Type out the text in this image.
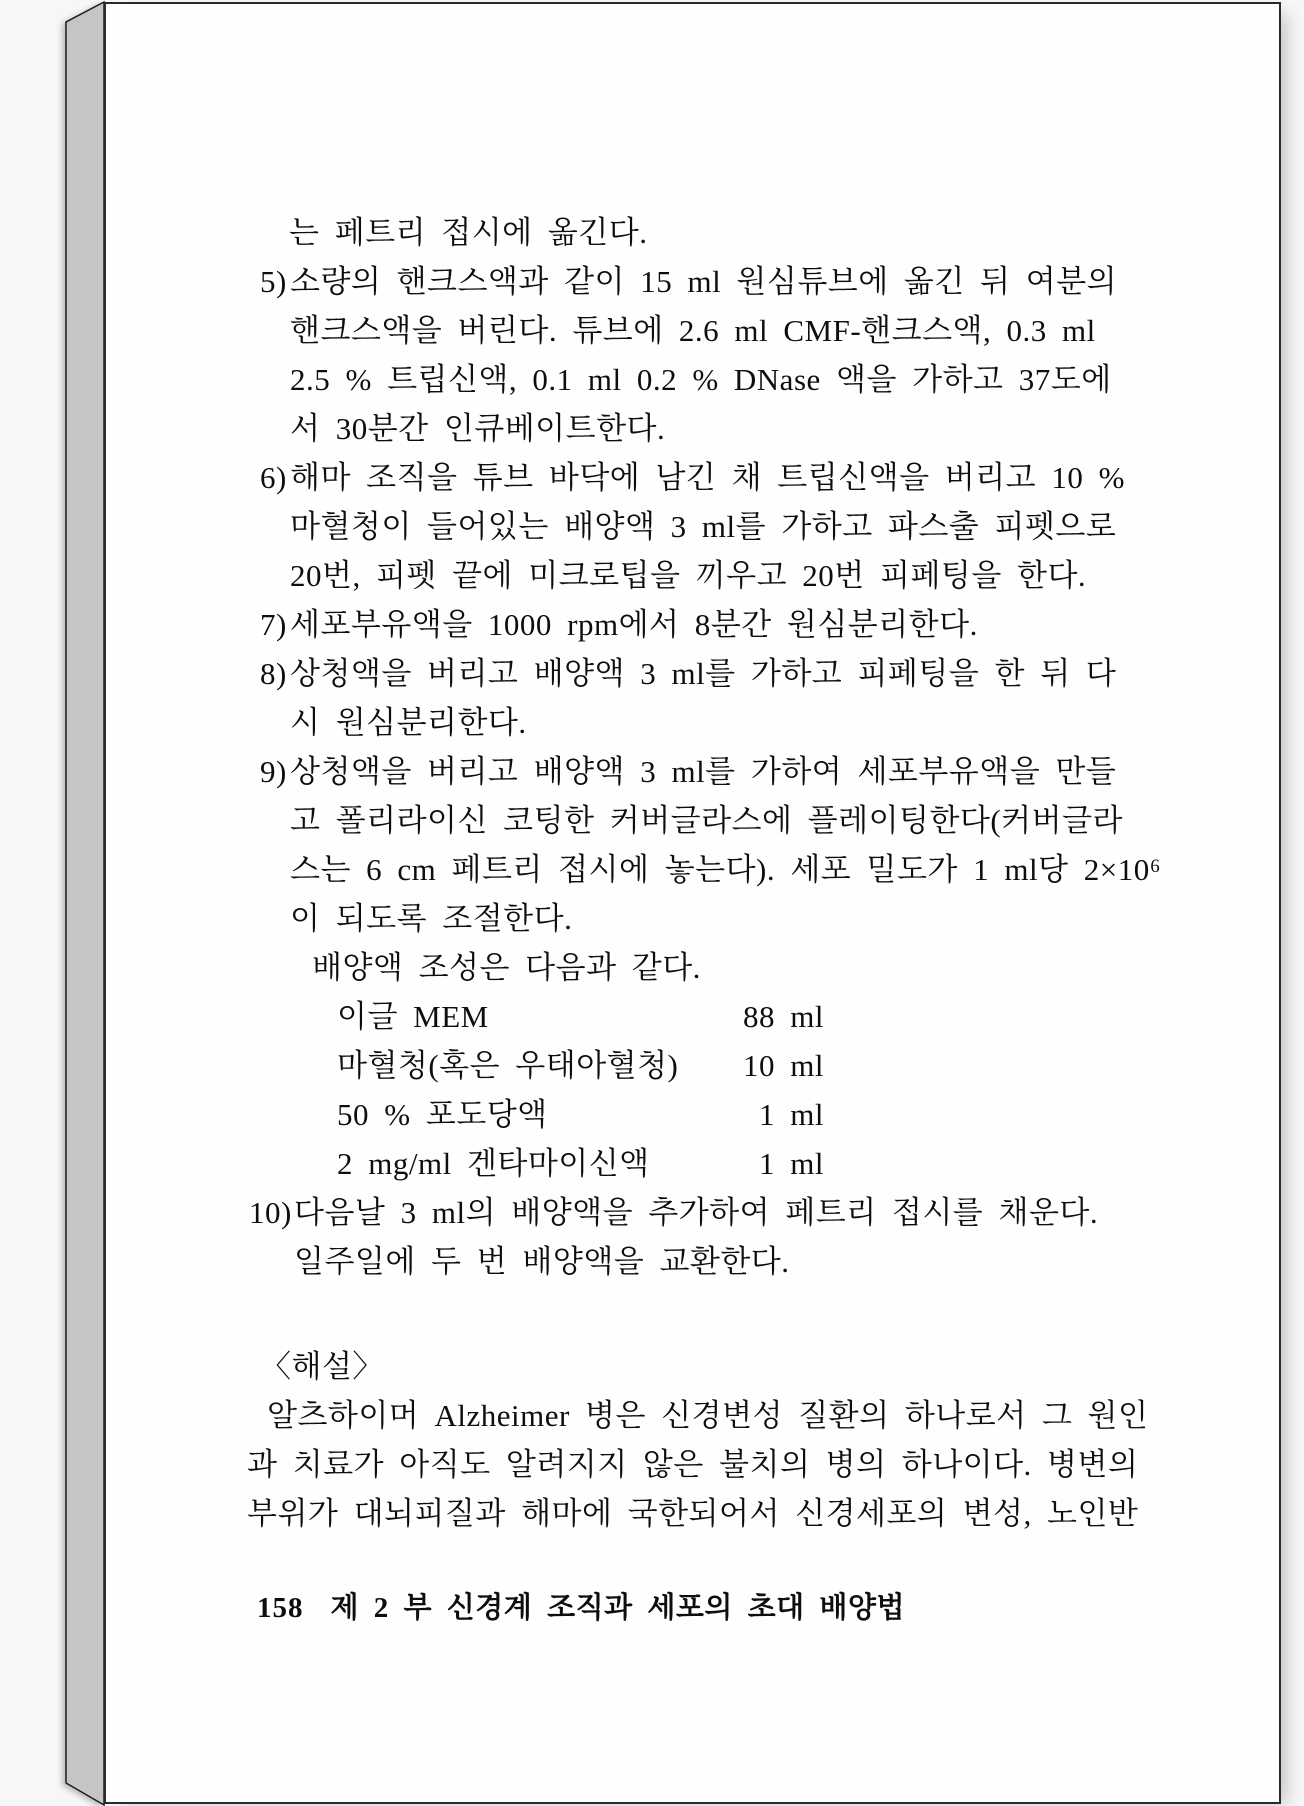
는 페트리 접시에 옮긴다.
5) 소량의 핸크스액과 같이 15 ml 원심튜브에 옮긴 뒤 여분의
핸크스액을 버린다. 튜브에 2.6 ml CMF-핸크스액, 0.3 ml
2.5 % 트립신액, 0.1 ml 0.2 % DNase 액을 가하고 37도에
서 30분간 인큐베이트한다.
6) 해마 조직을 튜브 바닥에 남긴 채 트립신액을 버리고 10 %
마혈청이 들어있는 배양액 3 ml를 가하고 파스출 피펫으로
20번, 피펫 끝에 미크로팁을 끼우고 20번 피페팅을 한다.
7) 세포부유액을 1000 rpm에서 8분간 원심분리한다.
8) 상청액을 버리고 배양액 3 ml를 가하고 피페팅을 한 뒤 다
시 원심분리한다.
9) 상청액을 버리고 배양액 3 ml를 가하여 세포부유액을 만들
고 폴리라이신 코팅한 커버글라스에 플레이팅한다(커버글라
스는 6 cm 페트리 접시에 놓는다). 세포 밀도가 1 ml당 2×10⁶
이 되도록 조절한다.
배양액 조성은 다음과 같다.
이글 MEM	88 ml
마혈청(혹은 우태아혈청)	10 ml
50 % 포도당액	1 ml
2 mg/ml 겐타마이신액	1 ml
10) 다음날 3 ml의 배양액을 추가하여 페트리 접시를 채운다.
일주일에 두 번 배양액을 교환한다.
〈해설〉
알츠하이머 Alzheimer 병은 신경변성 질환의 하나로서 그 원인
과 치료가 아직도 알려지지 않은 불치의 병의 하나이다. 병변의
부위가 대뇌피질과 해마에 국한되어서 신경세포의 변성, 노인반
158 제 2 부 신경계 조직과 세포의 초대 배양법
